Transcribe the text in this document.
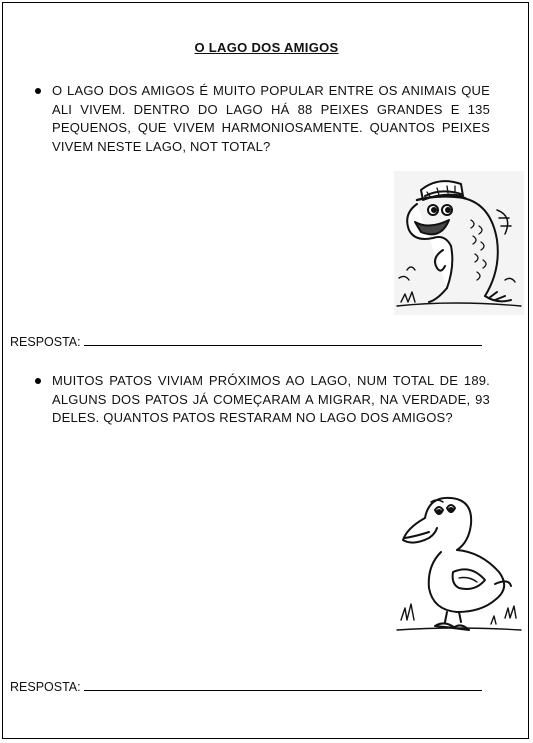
O LAGO DOS AMIGOS
O LAGO DOS AMIGOS É MUITO POPULAR ENTRE OS ANIMAIS QUE ALI VIVEM. DENTRO DO LAGO HÁ 88 PEIXES GRANDES E 135 PEQUENOS, QUE VIVEM HARMONIOSAMENTE. QUANTOS PEIXES VIVEM NESTE LAGO, NOT TOTAL?
RESPOSTA:
MUITOS PATOS VIVIAM PRÓXIMOS AO LAGO, NUM TOTAL DE 189. ALGUNS DOS PATOS JÁ COMEÇARAM A MIGRAR, NA VERDADE, 93 DELES. QUANTOS PATOS RESTARAM NO LAGO DOS AMIGOS?
RESPOSTA:
